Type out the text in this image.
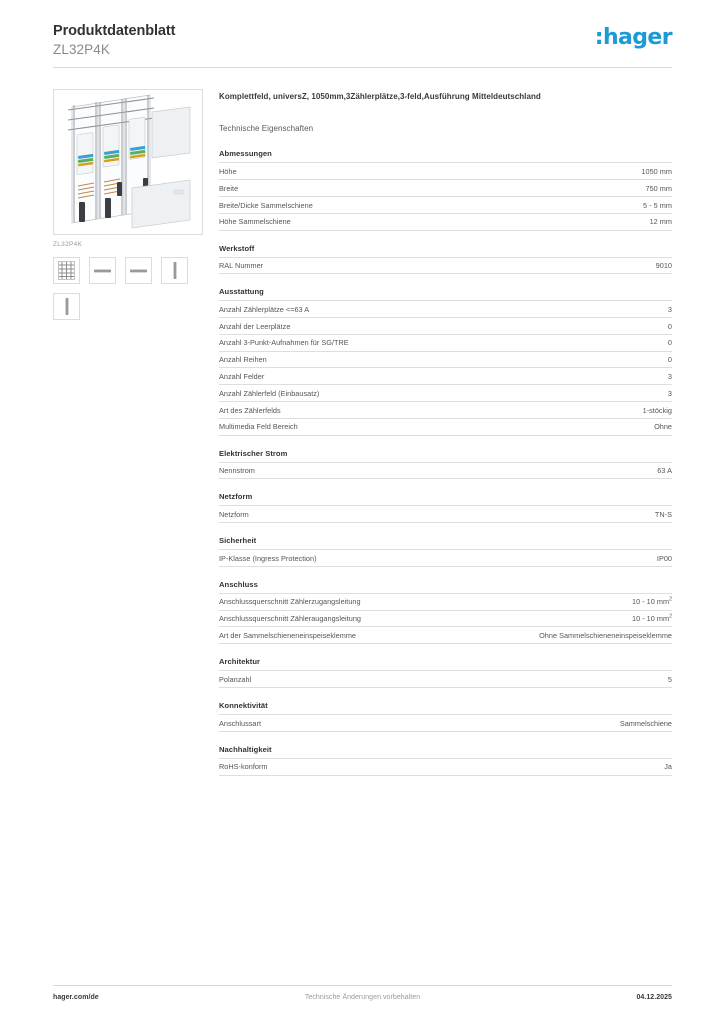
Produktdatenblatt
ZL32P4K	:hager
ZL32P4K
Komplettfeld, universZ, 1050mm,3Zählerplätze,3-feld,Ausführung Mitteldeutschland
Technische Eigenschaften
Abmessungen
Höhe	1050 mm
Breite	750 mm
Breite/Dicke Sammelschiene	5 - 5 mm
Höhe Sammelschiene	12 mm
Werkstoff
RAL Nummer	9010
Ausstattung
Anzahl Zählerplätze <=63 A	3
Anzahl der Leerplätze	0
Anzahl 3-Punkt-Aufnahmen für SG/TRE	0
Anzahl Reihen	0
Anzahl Felder	3
Anzahl Zählerfeld (Einbausatz)	3
Art des Zählerfelds	1-stöckig
Multimedia Feld Bereich	Ohne
Elektrischer Strom
Nennstrom	63 A
Netzform
Netzform	TN-S
Sicherheit
IP-Klasse (Ingress Protection)	IP00
Anschluss
Anschlussquerschnitt Zählerzugangsleitung	10 - 10 $mm^2$
Anschlussquerschnitt Zähleraugangsleitung	10 - 10 $mm^2$
Art der Sammelschieneneinspeiseklemme	Ohne Sammelschieneneinspeiseklemme
Architektur
Polanzahl	5
Konnektivität
Anschlussart	Sammelschiene
Nachhaltigkeit
RoHS-konform	Ja
hager.com/de	Technische Änderungen vorbehalten	04.12.2025
